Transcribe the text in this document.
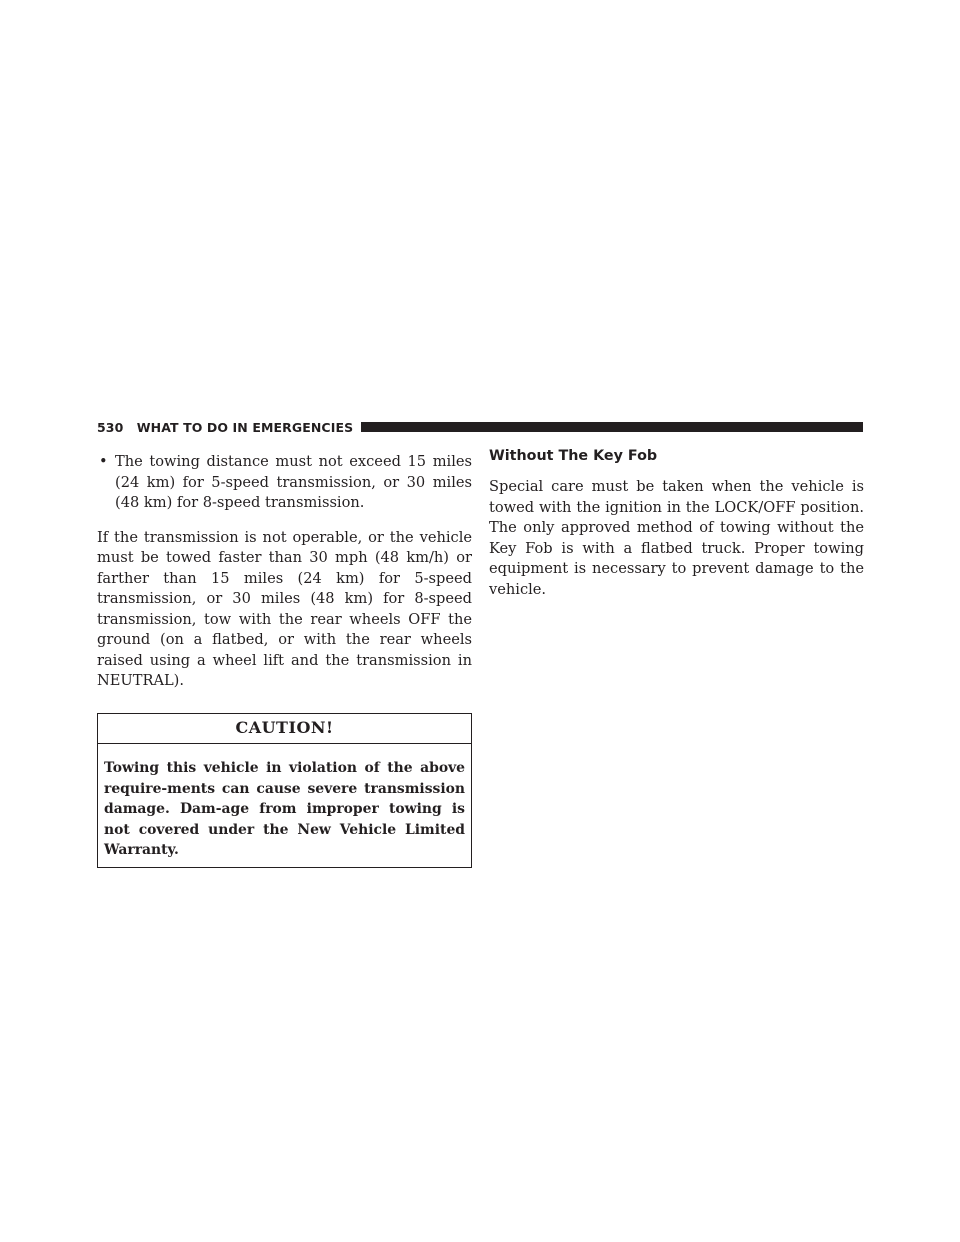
530 WHAT TO DO IN EMERGENCIES
• The towing distance must not exceed 15 miles (24 km) for 5-speed transmission, or 30 miles (48 km) for 8-speed transmission.

If the transmission is not operable, or the vehicle must be towed faster than 30 mph (48 km/h) or farther than 15 miles (24 km) for 5-speed transmission, or 30 miles (48 km) for 8-speed transmission, tow with the rear wheels OFF the ground (on a flatbed, or with the rear wheels raised using a wheel lift and the transmission in NEUTRAL).

CAUTION!
Towing this vehicle in violation of the above require-ments can cause severe transmission damage. Dam-age from improper towing is not covered under the New Vehicle Limited Warranty.
Without The Key Fob

Special care must be taken when the vehicle is towed with the ignition in the LOCK/OFF position. The only approved method of towing without the Key Fob is with a flatbed truck. Proper towing equipment is necessary to prevent damage to the vehicle.
